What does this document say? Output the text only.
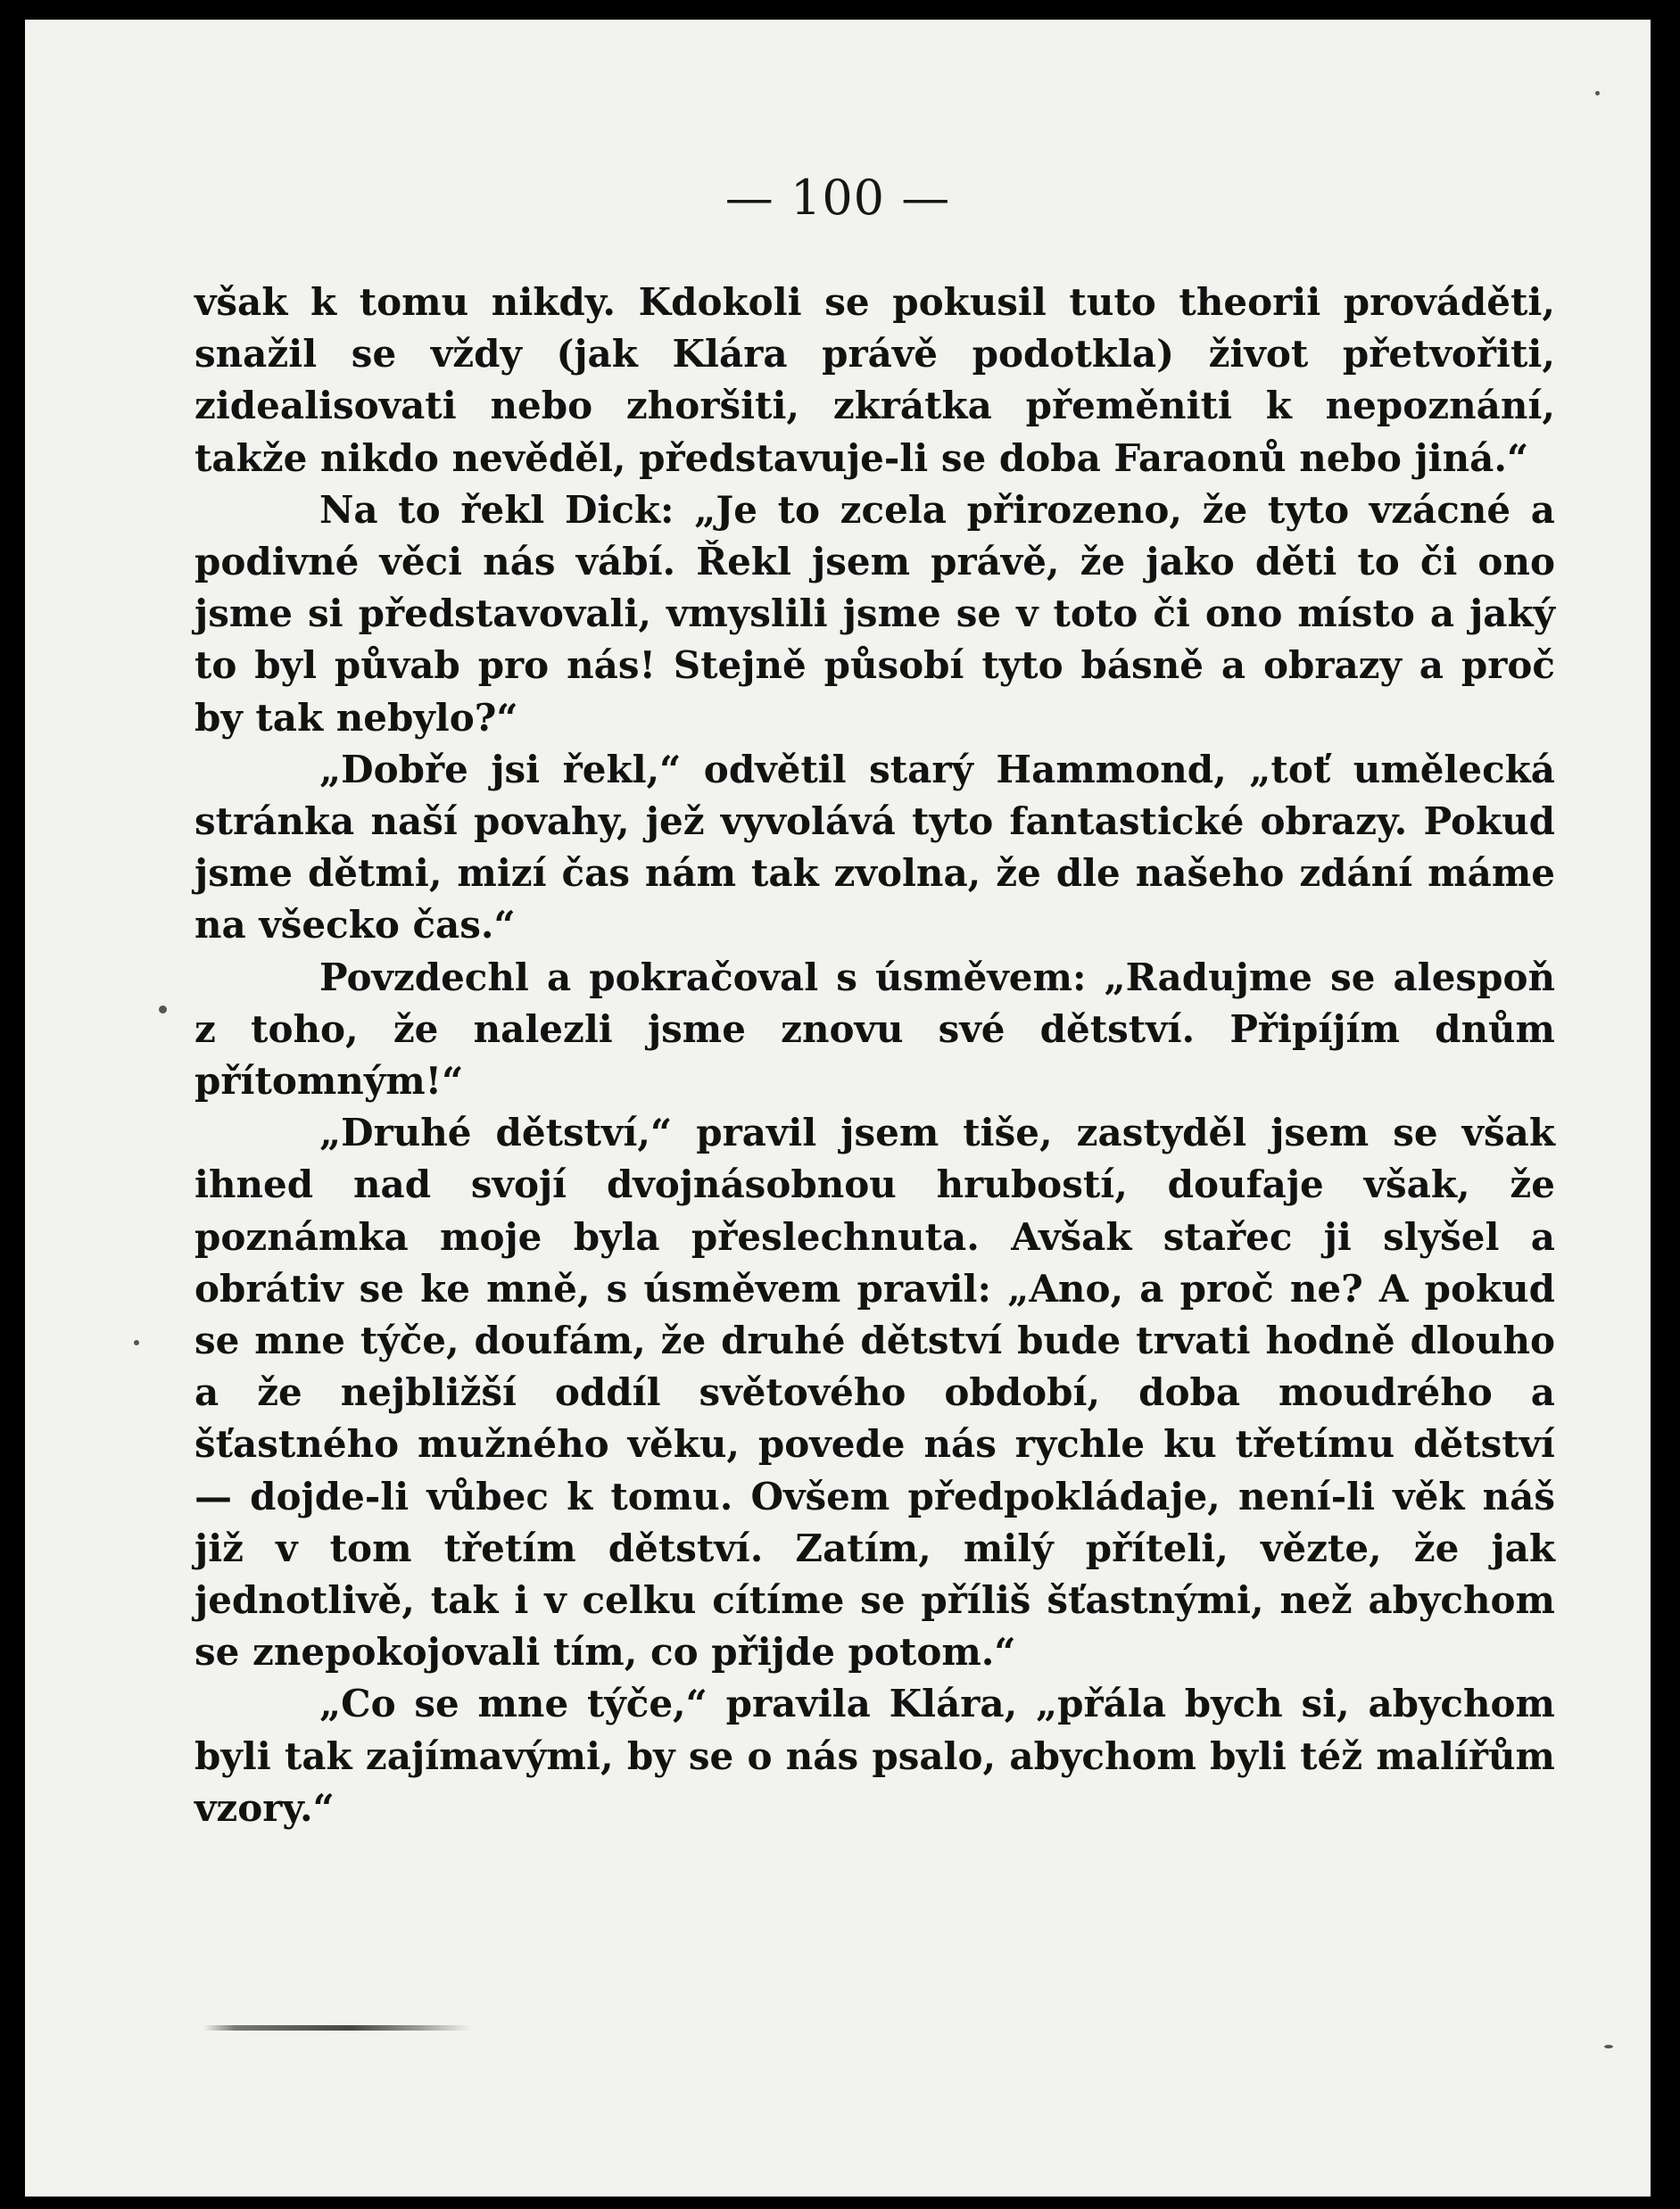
— 100 —

však k tomu nikdy. Kdokoli se pokusil tuto theorii prováděti, snažil se vždy (jak Klára právě podotkla) život přetvořiti, zidealisovati nebo zhoršiti, zkrátka přeměniti k nepoznání, takže nikdo nevěděl, představuje-li se doba Faraonů nebo jiná.“

Na to řekl Dick: „Je to zcela přirozeno, že tyto vzácné a podivné věci nás vábí. Řekl jsem právě, že jako děti to či ono jsme si představovali, vmyslili jsme se v toto či ono místo a jaký to byl půvab pro nás! Stejně působí tyto básně a obrazy a proč by tak nebylo?“

„Dobře jsi řekl,“ odvětil starý Hammond, „toť umělecká stránka naší povahy, jež vyvolává tyto fantastické obrazy. Pokud jsme dětmi, mizí čas nám tak zvolna, že dle našeho zdání máme na všecko čas.“

Povzdechl a pokračoval s úsměvem: „Radujme se alespoň z toho, že nalezli jsme znovu své dětství. Připíjím dnům přítomným!“

„Druhé dětství,“ pravil jsem tiše, zastyděl jsem se však ihned nad svojí dvojnásobnou hrubostí, doufaje však, že poznámka moje byla přeslechnuta. Avšak stařec ji slyšel a obrátiv se ke mně, s úsměvem pravil: „Ano, a proč ne? A pokud se mne týče, doufám, že druhé dětství bude trvati hodně dlouho a že nejbližší oddíl světového období, doba moudrého a šťastného mužného věku, povede nás rychle ku třetímu dětství — dojde-li vůbec k tomu. Ovšem předpokládaje, není-li věk náš již v tom třetím dětství. Zatím, milý příteli, vězte, že jak jednotlivě, tak i v celku cítíme se příliš šťastnými, než abychom se znepokojovali tím, co přijde potom.“

„Co se mne týče,“ pravila Klára, „přála bych si, abychom byli tak zajímavými, by se o nás psalo, abychom byli též malířům vzory.“
